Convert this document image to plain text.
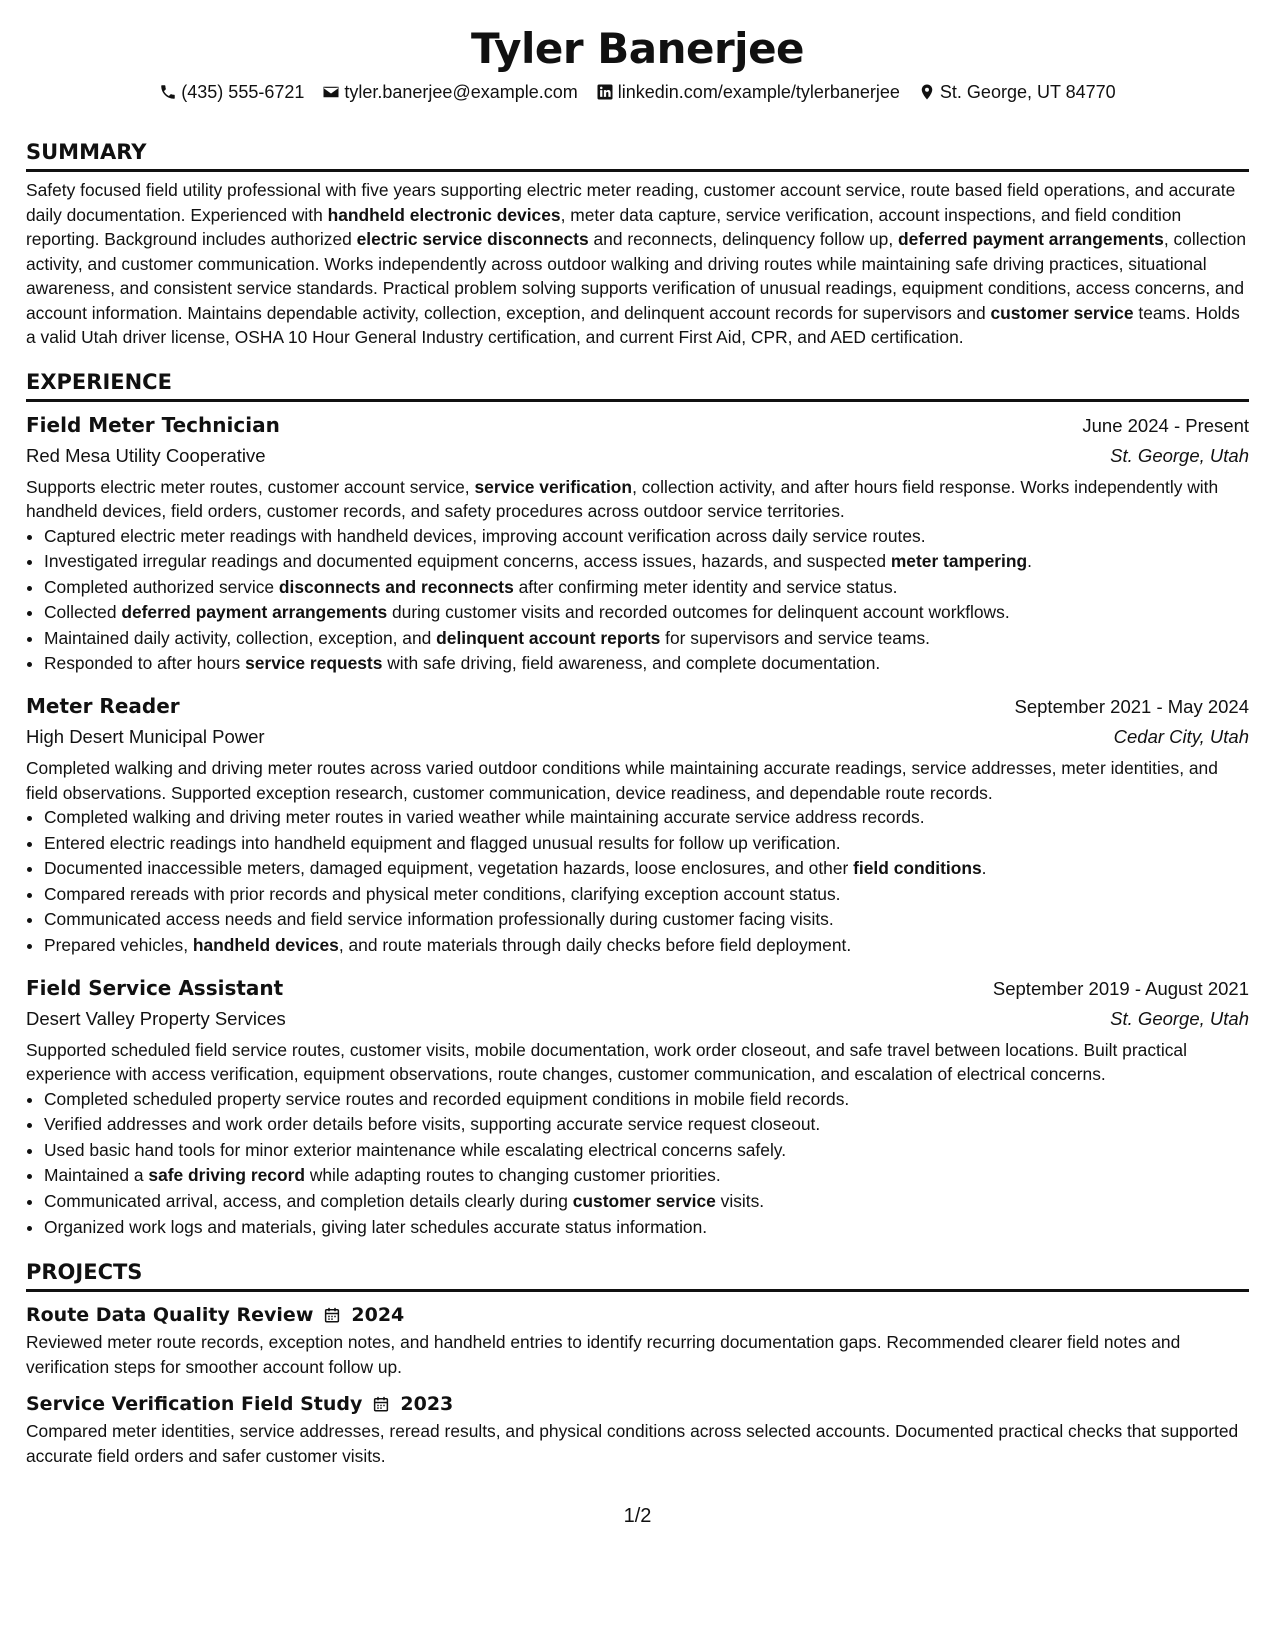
Tyler Banerjee
(435) 555-6721 tyler.banerjee@example.com linkedin.com/example/tylerbanerjee St. George, UT 84770
SUMMARY

Safety focused field utility professional with five years supporting electric meter reading, customer account service, route based field operations, and accurate daily documentation. Experienced with handheld electronic devices, meter data capture, service verification, account inspections, and field condition reporting. Background includes authorized electric service disconnects and reconnects, delinquency follow up, deferred payment arrangements, collection activity, and customer communication. Works independently across outdoor walking and driving routes while maintaining safe driving practices, situational awareness, and consistent service standards. Practical problem solving supports verification of unusual readings, equipment conditions, access concerns, and account information. Maintains dependable activity, collection, exception, and delinquent account records for supervisors and customer service teams. Holds a valid Utah driver license, OSHA 10 Hour General Industry certification, and current First Aid, CPR, and AED certification.

EXPERIENCE
Field Meter Technician	June 2024 - Present
Red Mesa Utility Cooperative	St. George, Utah

Supports electric meter routes, customer account service, service verification, collection activity, and after hours field response. Works independently with handheld devices, field orders, customer records, and safety procedures across outdoor service territories.

• Captured electric meter readings with handheld devices, improving account verification across daily service routes.
• Investigated irregular readings and documented equipment concerns, access issues, hazards, and suspected meter tampering.
• Completed authorized service disconnects and reconnects after confirming meter identity and service status.
• Collected deferred payment arrangements during customer visits and recorded outcomes for delinquent account workflows.
• Maintained daily activity, collection, exception, and delinquent account reports for supervisors and service teams.
• Responded to after hours service requests with safe driving, field awareness, and complete documentation.
Meter Reader	September 2021 - May 2024
High Desert Municipal Power	Cedar City, Utah

Completed walking and driving meter routes across varied outdoor conditions while maintaining accurate readings, service addresses, meter identities, and field observations. Supported exception research, customer communication, device readiness, and dependable route records.

• Completed walking and driving meter routes in varied weather while maintaining accurate service address records.
• Entered electric readings into handheld equipment and flagged unusual results for follow up verification.
• Documented inaccessible meters, damaged equipment, vegetation hazards, loose enclosures, and other field conditions.
• Compared rereads with prior records and physical meter conditions, clarifying exception account status.
• Communicated access needs and field service information professionally during customer facing visits.
• Prepared vehicles, handheld devices, and route materials through daily checks before field deployment.
Field Service Assistant	September 2019 - August 2021
Desert Valley Property Services	St. George, Utah

Supported scheduled field service routes, customer visits, mobile documentation, work order closeout, and safe travel between locations. Built practical experience with access verification, equipment observations, route changes, customer communication, and escalation of electrical concerns.

• Completed scheduled property service routes and recorded equipment conditions in mobile field records.
• Verified addresses and work order details before visits, supporting accurate service request closeout.
• Used basic hand tools for minor exterior maintenance while escalating electrical concerns safely.
• Maintained a safe driving record while adapting routes to changing customer priorities.
• Communicated arrival, access, and completion details clearly during customer service visits.
• Organized work logs and materials, giving later schedules accurate status information.
PROJECTS
Route Data Quality Review 2024

Reviewed meter route records, exception notes, and handheld entries to identify recurring documentation gaps. Recommended clearer field notes and verification steps for smoother account follow up.

Service Verification Field Study 2023

Compared meter identities, service addresses, reread results, and physical conditions across selected accounts. Documented practical checks that supported accurate field orders and safer customer visits.

1/2
